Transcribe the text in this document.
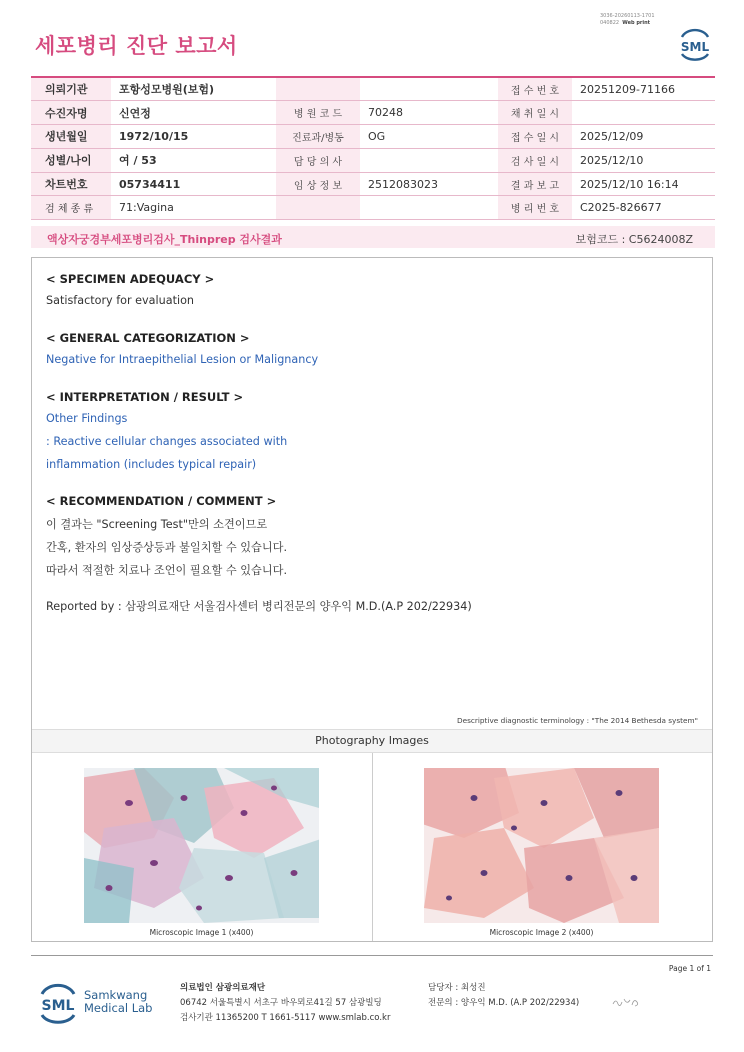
3036-20260113-1701
040822 Web print
세포병리 진단 보고서	SML
의뢰기관	포항성모병원(보험)			접 수 번 호	20251209-71166
수진자명	신연정	병 원 코 드	70248	채 취 일 시	
생년월일	1972/10/15	진료과/병동	OG	접 수 일 시	2025/12/09
성별/나이	여 / 53	담 당 의 사		검 사 일 시	2025/12/10
차트번호	05734411	임 상 정 보	2512083023	결 과 보 고	2025/12/10 16:14
검 체 종 류	71:Vagina			병 리 번 호	C2025-826677
액상자궁경부세포병리검사_Thinprep 검사결과	보험코드 : C5624008Z
< SPECIMEN ADEQUACY >
Satisfactory for evaluation
< GENERAL CATEGORIZATION >
Negative for Intraepithelial Lesion or Malignancy
< INTERPRETATION / RESULT >
Other Findings
: Reactive cellular changes associated with
inflammation (includes typical repair)
< RECOMMENDATION / COMMENT >
이 결과는 "Screening Test"만의 소견이므로
간혹, 환자의 임상증상등과 불일치할 수 있습니다.
따라서 적절한 치료나 조언이 필요할 수 있습니다.
Reported by : 삼광의료재단 서울검사센터 병리전문의 양우익 M.D.(A.P 202/22934)
Descriptive diagnostic terminology : "The 2014 Bethesda system"
Photography Images
Microscopic Image 1 (x400)	Microscopic Image 2 (x400)
Page 1 of 1
SML
Samkwang
Medical Lab
의료법인 삼광의료재단
06742 서울특별시 서초구 바우뫼로41길 57 삼광빌딩
검사기관 11365200 T 1661-5117 www.smlab.co.kr
담당자 : 최성진
전문의 : 양우익 M.D. (A.P 202/22934)
